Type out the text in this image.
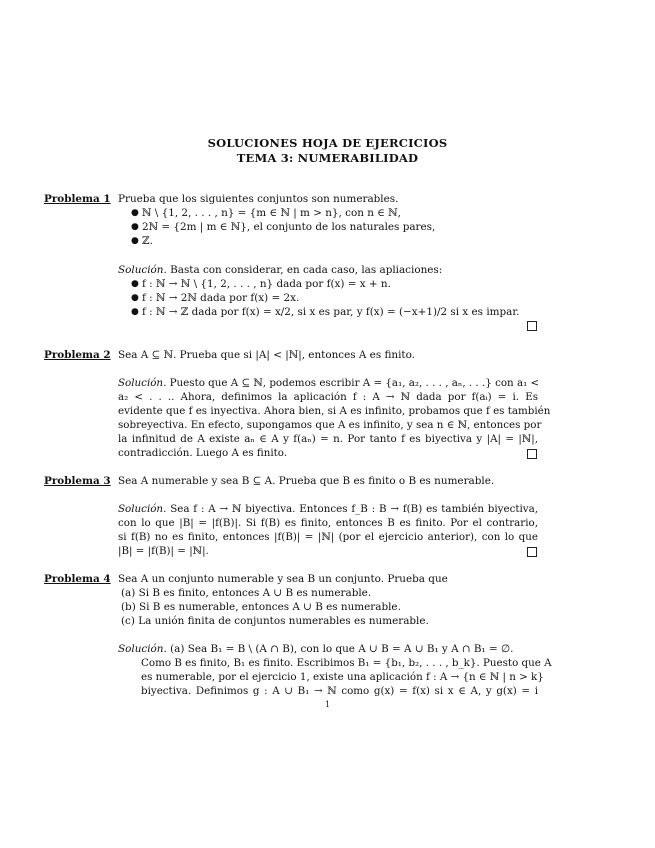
SOLUCIONES HOJA DE EJERCICIOS
TEMA 3: NUMERABILIDAD
Problema 1 Prueba que los siguientes conjuntos son numerables.
● ℕ \ {1, 2, . . . , n} = {m ∈ ℕ | m > n}, con n ∈ ℕ,
● 2ℕ = {2m | m ∈ ℕ}, el conjunto de los naturales pares,
● ℤ.
Solución. Basta con considerar, en cada caso, las apliaciones:
● f : ℕ → ℕ \ {1, 2, . . . , n} dada por f(x) = x + n.
● f : ℕ → 2ℕ dada por f(x) = 2x.
● f : ℕ → ℤ dada por f(x) = x/2, si x es par, y f(x) = (−x+1)/2 si x es impar.
Problema 2 Sea A ⊆ ℕ. Prueba que si |A| < |ℕ|, entonces A es finito.
Solución. Puesto que A ⊆ ℕ, podemos escribir A = {a₁, a₂, . . . , aₙ, . . .} con a₁ <
a₂ < . . .. Ahora, definimos la aplicación f : A → ℕ dada por f(aᵢ) = i. Es
evidente que f es inyectiva. Ahora bien, si A es infinito, probamos que f es también
sobreyectiva. En efecto, supongamos que A es infinito, y sea n ∈ ℕ, entonces por
la infinitud de A existe aₙ ∈ A y f(aₙ) = n. Por tanto f es biyectiva y |A| = |ℕ|,
contradicción. Luego A es finito.
Problema 3 Sea A numerable y sea B ⊆ A. Prueba que B es finito o B es numerable.
Solución. Sea f : A → ℕ biyectiva. Entonces f_B : B → f(B) es también biyectiva,
con lo que |B| = |f(B)|. Si f(B) es finito, entonces B es finito. Por el contrario,
si f(B) no es finito, entonces |f(B)| = |ℕ| (por el ejercicio anterior), con lo que
|B| = |f(B)| = |ℕ|.
Problema 4 Sea A un conjunto numerable y sea B un conjunto. Prueba que
(a) Si B es finito, entonces A ∪ B es numerable.
(b) Si B es numerable, entonces A ∪ B es numerable.
(c) La unión finita de conjuntos numerables es numerable.
Solución. (a) Sea B₁ = B \ (A ∩ B), con lo que A ∪ B = A ∪ B₁ y A ∩ B₁ = ∅.
Como B es finito, B₁ es finito. Escribimos B₁ = {b₁, b₂, . . . , b_k}. Puesto que A
es numerable, por el ejercicio 1, existe una aplicación f : A → {n ∈ ℕ | n > k}
biyectiva. Definimos g : A ∪ B₁ → ℕ como g(x) = f(x) si x ∈ A, y g(x) = i
1
